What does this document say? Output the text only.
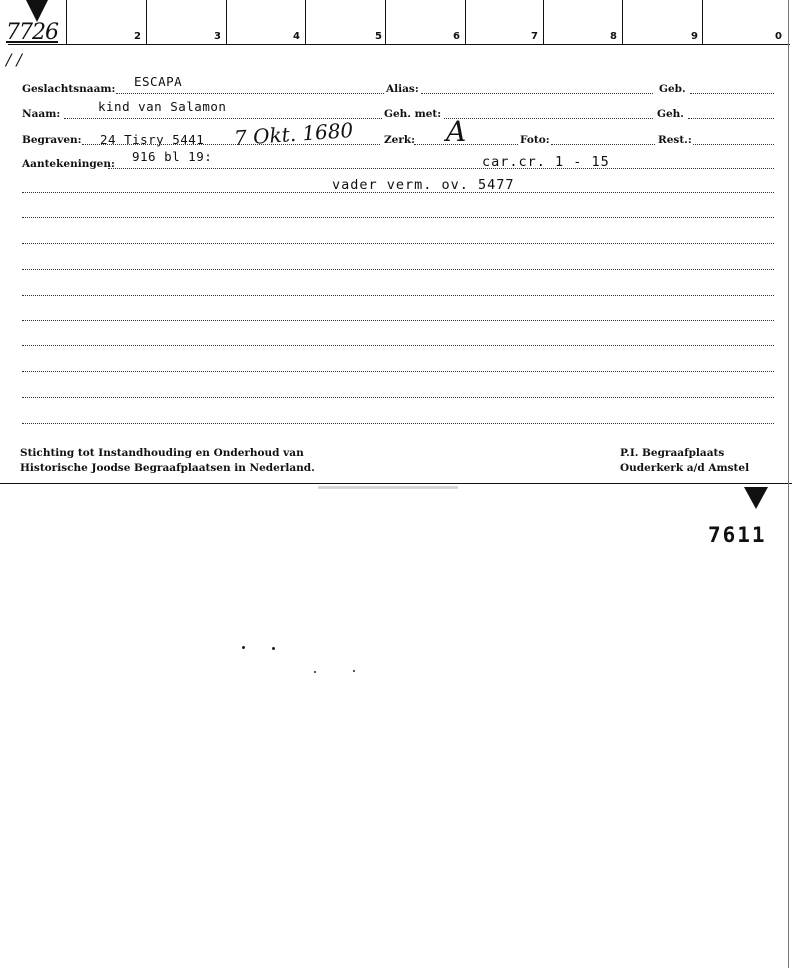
7726
/ /
2	3	4	5	6	7	8	9	0
Geslachtsnaam: ESCAPA	Alias:	Geb.
Naam:	kind van Salamon	Geh. met:	Geh.
Begraven: 24 Tisry 5441 7 Okt. 1680	Zerk: A	Foto:	Rest.:
Aantekeningen: 916 bl 19:	car.cr. 1 - 15
vader verm. ov. 5477
Stichting tot Instandhouding en Onderhoud van
Historische Joodse Begraafplaatsen in Nederland.
P.I. Begraafplaats
Ouderkerk a/d Amstel
7611
